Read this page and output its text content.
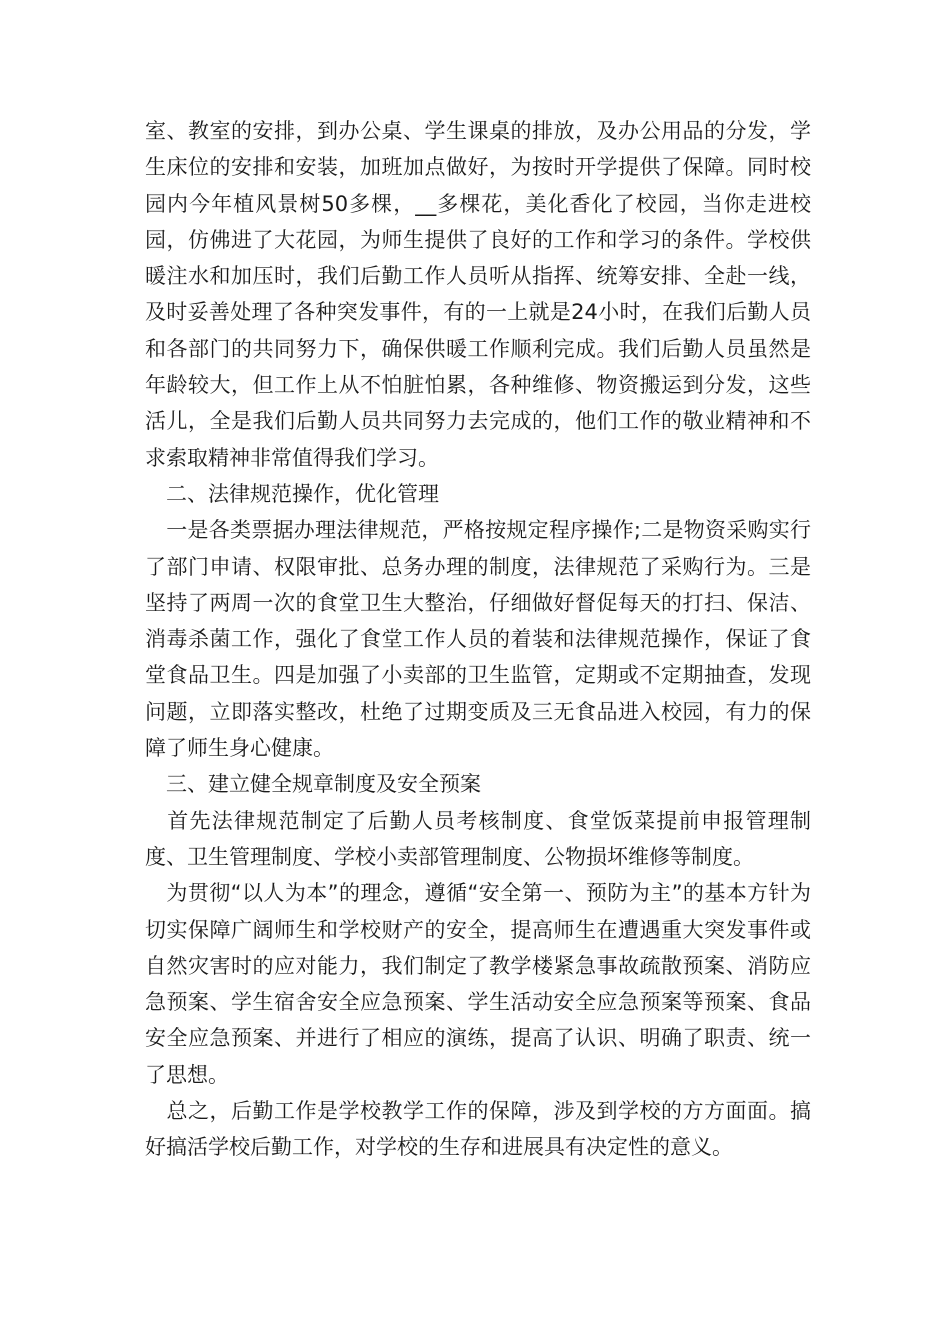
室、教室的安排，到办公桌、学生课桌的排放，及办公用品的分发，学生床位的安排和安装，加班加点做好，为按时开学提供了保障。同时校园内今年植风景树50多棵，__多棵花，美化香化了校园，当你走进校园，仿佛进了大花园，为师生提供了良好的工作和学习的条件。学校供暖注水和加压时，我们后勤工作人员听从指挥、统筹安排、全赴一线，及时妥善处理了各种突发事件，有的一上就是24小时，在我们后勤人员和各部门的共同努力下，确保供暖工作顺利完成。我们后勤人员虽然是年龄较大，但工作上从不怕脏怕累，各种维修、物资搬运到分发，这些活儿，全是我们后勤人员共同努力去完成的，他们工作的敬业精神和不求索取精神非常值得我们学习。

　二、法律规范操作，优化管理

　一是各类票据办理法律规范，严格按规定程序操作;二是物资采购实行了部门申请、权限审批、总务办理的制度，法律规范了采购行为。三是坚持了两周一次的食堂卫生大整治，仔细做好督促每天的打扫、保洁、消毒杀菌工作，强化了食堂工作人员的着装和法律规范操作，保证了食堂食品卫生。四是加强了小卖部的卫生监管，定期或不定期抽查，发现问题，立即落实整改，杜绝了过期变质及三无食品进入校园，有力的保障了师生身心健康。

　三、建立健全规章制度及安全预案

　首先法律规范制定了后勤人员考核制度、食堂饭菜提前申报管理制度、卫生管理制度、学校小卖部管理制度、公物损坏维修等制度。

　为贯彻“以人为本”的理念，遵循“安全第一、预防为主”的基本方针为切实保障广阔师生和学校财产的安全，提高师生在遭遇重大突发事件或自然灾害时的应对能力，我们制定了教学楼紧急事故疏散预案、消防应急预案、学生宿舍安全应急预案、学生活动安全应急预案等预案、食品安全应急预案、并进行了相应的演练，提高了认识、明确了职责、统一了思想。

　总之，后勤工作是学校教学工作的保障，涉及到学校的方方面面。搞好搞活学校后勤工作，对学校的生存和进展具有决定性的意义。
